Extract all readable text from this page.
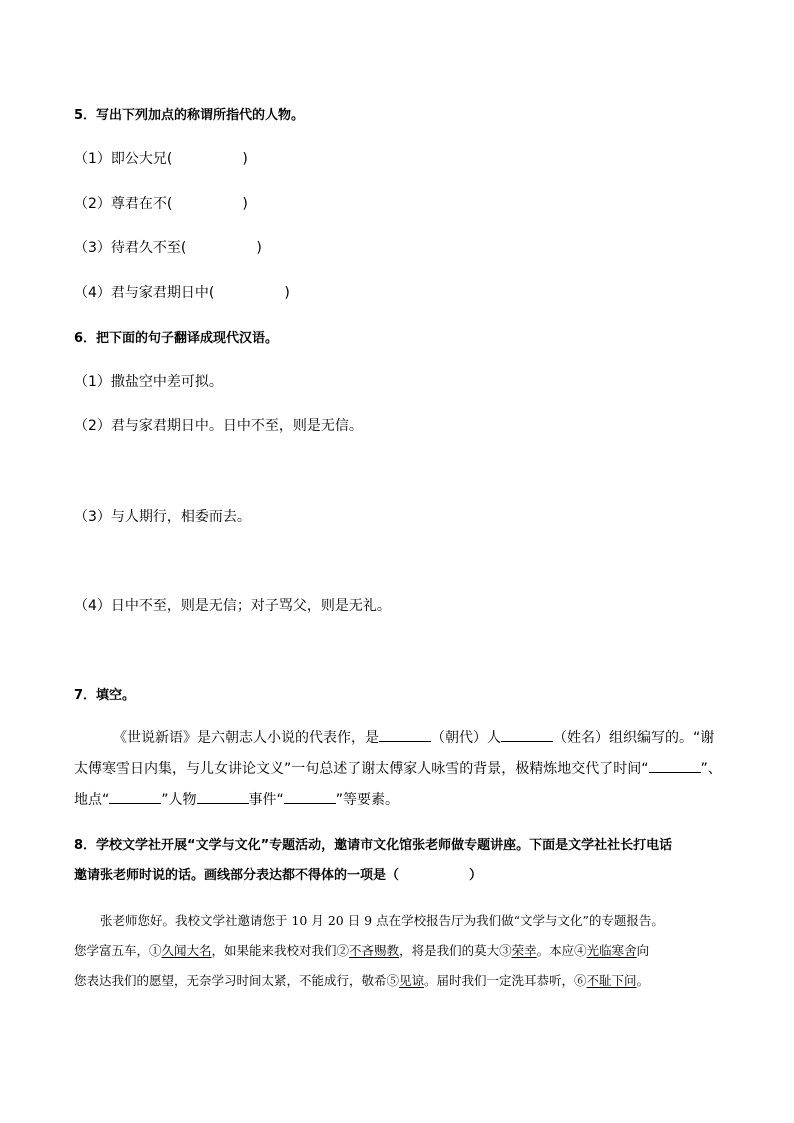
5．写出下列加点的称谓所指代的人物。
（1）即公大兄(	)
（2）尊君在不(	)
（3）待君久不至(	)
（4）君与家君期日中(	)
6．把下面的句子翻译成现代汉语。
（1）撒盐空中差可拟。
（2）君与家君期日中。日中不至，则是无信。
（3）与人期行，相委而去。
（4）日中不至，则是无信；对子骂父，则是无礼。
7．填空。
《世说新语》是六朝志人小说的代表作，是	（朝代）人	（姓名）组织编写的。“谢
太傅寒雪日内集，与儿女讲论文义”一句总述了谢太傅家人咏雪的背景，极精炼地交代了时间“	”、
地点“	”人物	事件“	”等要素。
8．学校文学社开展“文学与文化”专题活动，邀请市文化馆张老师做专题讲座。下面是文学社社长打电话
邀请张老师时说的话。画线部分表达都不得体的一项是（	）
张老师您好。我校文学社邀请您于 10 月 20 日 9 点在学校报告厅为我们做“文学与文化”的专题报告。
您学富五车，①久闻大名，如果能来我校对我们②不吝赐教，将是我们的莫大③荣幸。本应④光临寒舍向
您表达我们的愿望，无奈学习时间太紧，不能成行，敬希⑤见谅。届时我们一定洗耳恭听，⑥不耻下问。
